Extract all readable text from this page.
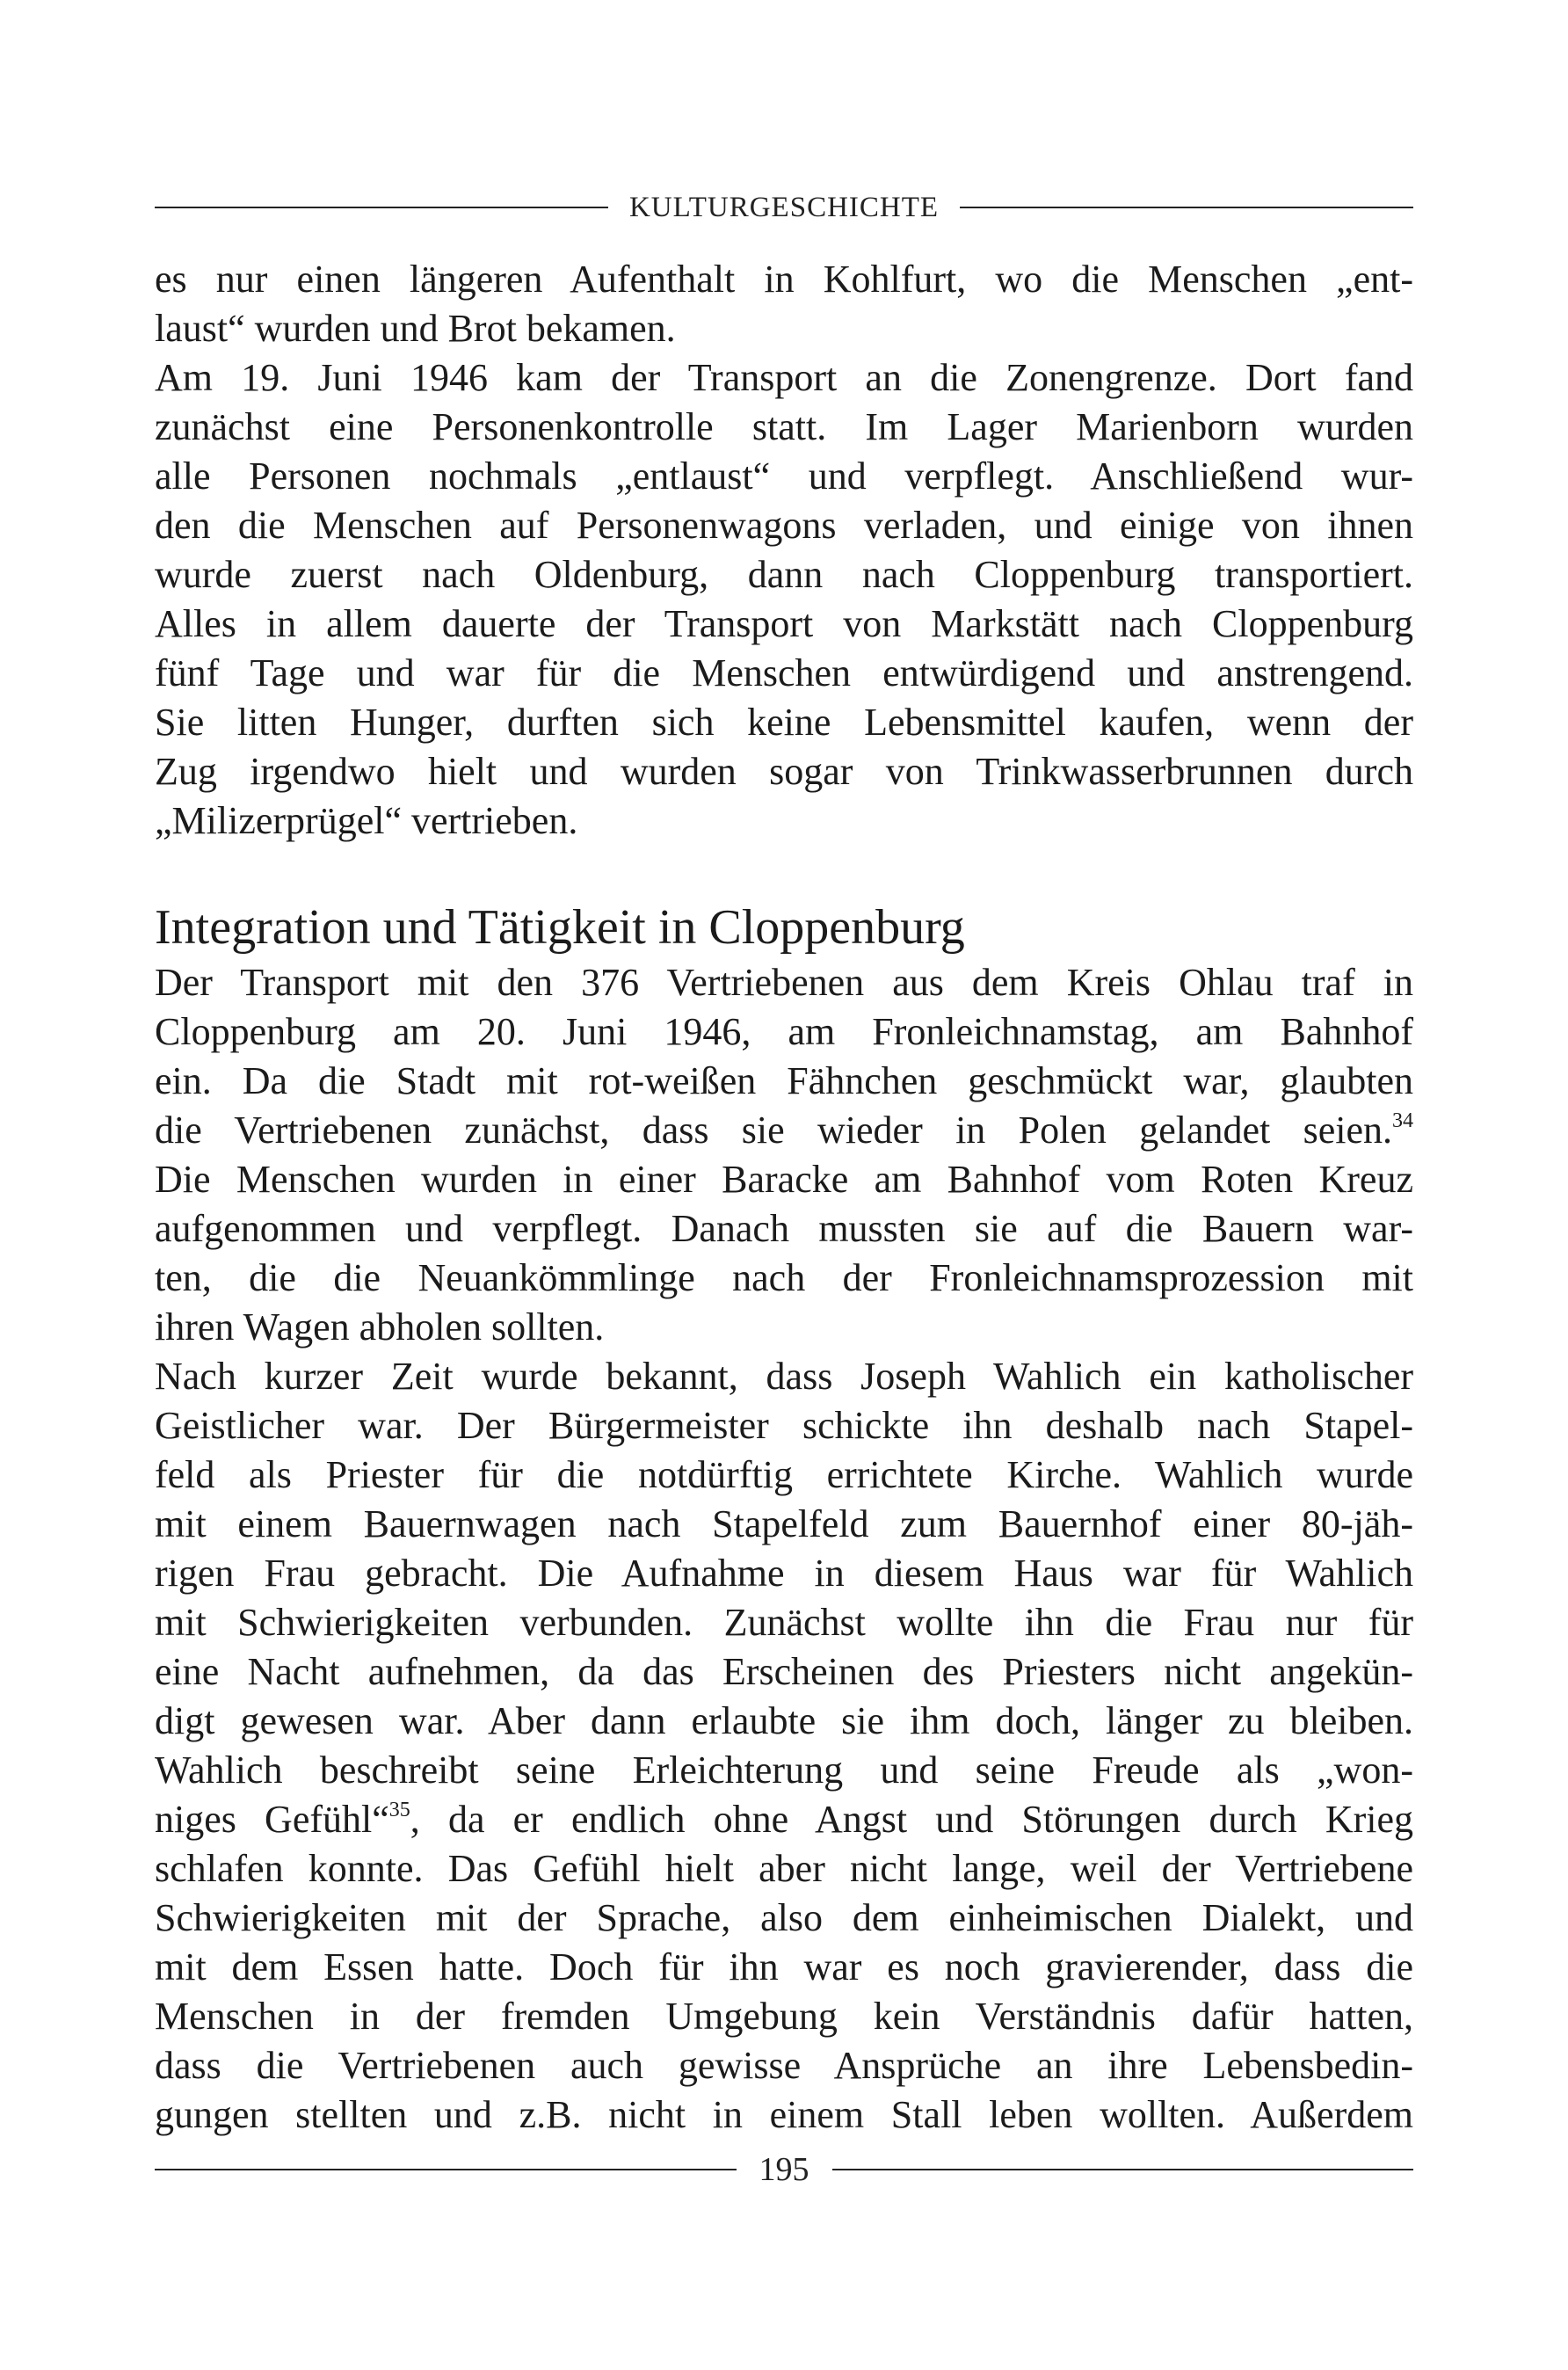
KULTURGESCHICHTE
es nur einen längeren Aufenthalt in Kohlfurt, wo die Menschen „ent-
laust“ wurden und Brot bekamen.
Am 19. Juni 1946 kam der Transport an die Zonengrenze. Dort fand
zunächst eine Personenkontrolle statt. Im Lager Marienborn wurden
alle Personen nochmals „entlaust“ und verpflegt. Anschließend wur-
den die Menschen auf Personenwagons verladen, und einige von ihnen
wurde zuerst nach Oldenburg, dann nach Cloppenburg transportiert.
Alles in allem dauerte der Transport von Markstätt nach Cloppenburg
fünf Tage und war für die Menschen entwürdigend und anstrengend.
Sie litten Hunger, durften sich keine Lebensmittel kaufen, wenn der
Zug irgendwo hielt und wurden sogar von Trinkwasserbrunnen durch
„Milizerprügel“ vertrieben.
Integration und Tätigkeit in Cloppenburg
Der Transport mit den 376 Vertriebenen aus dem Kreis Ohlau traf in
Cloppenburg am 20. Juni 1946, am Fronleichnamstag, am Bahnhof
ein. Da die Stadt mit rot-weißen Fähnchen geschmückt war, glaubten
die Vertriebenen zunächst, dass sie wieder in Polen gelandet seien.$^{34}$
Die Menschen wurden in einer Baracke am Bahnhof vom Roten Kreuz
aufgenommen und verpflegt. Danach mussten sie auf die Bauern war-
ten, die die Neuankömmlinge nach der Fronleichnamsprozession mit
ihren Wagen abholen sollten.
Nach kurzer Zeit wurde bekannt, dass Joseph Wahlich ein katholischer
Geistlicher war. Der Bürgermeister schickte ihn deshalb nach Stapel-
feld als Priester für die notdürftig errichtete Kirche. Wahlich wurde
mit einem Bauernwagen nach Stapelfeld zum Bauernhof einer 80-jäh-
rigen Frau gebracht. Die Aufnahme in diesem Haus war für Wahlich
mit Schwierigkeiten verbunden. Zunächst wollte ihn die Frau nur für
eine Nacht aufnehmen, da das Erscheinen des Priesters nicht angekün-
digt gewesen war. Aber dann erlaubte sie ihm doch, länger zu bleiben.
Wahlich beschreibt seine Erleichterung und seine Freude als „won-
niges Gefühl“$^{35}$, da er endlich ohne Angst und Störungen durch Krieg
schlafen konnte. Das Gefühl hielt aber nicht lange, weil der Vertriebene
Schwierigkeiten mit der Sprache, also dem einheimischen Dialekt, und
mit dem Essen hatte. Doch für ihn war es noch gravierender, dass die
Menschen in der fremden Umgebung kein Verständnis dafür hatten,
dass die Vertriebenen auch gewisse Ansprüche an ihre Lebensbedin-
gungen stellten und z.B. nicht in einem Stall leben wollten. Außerdem
195
